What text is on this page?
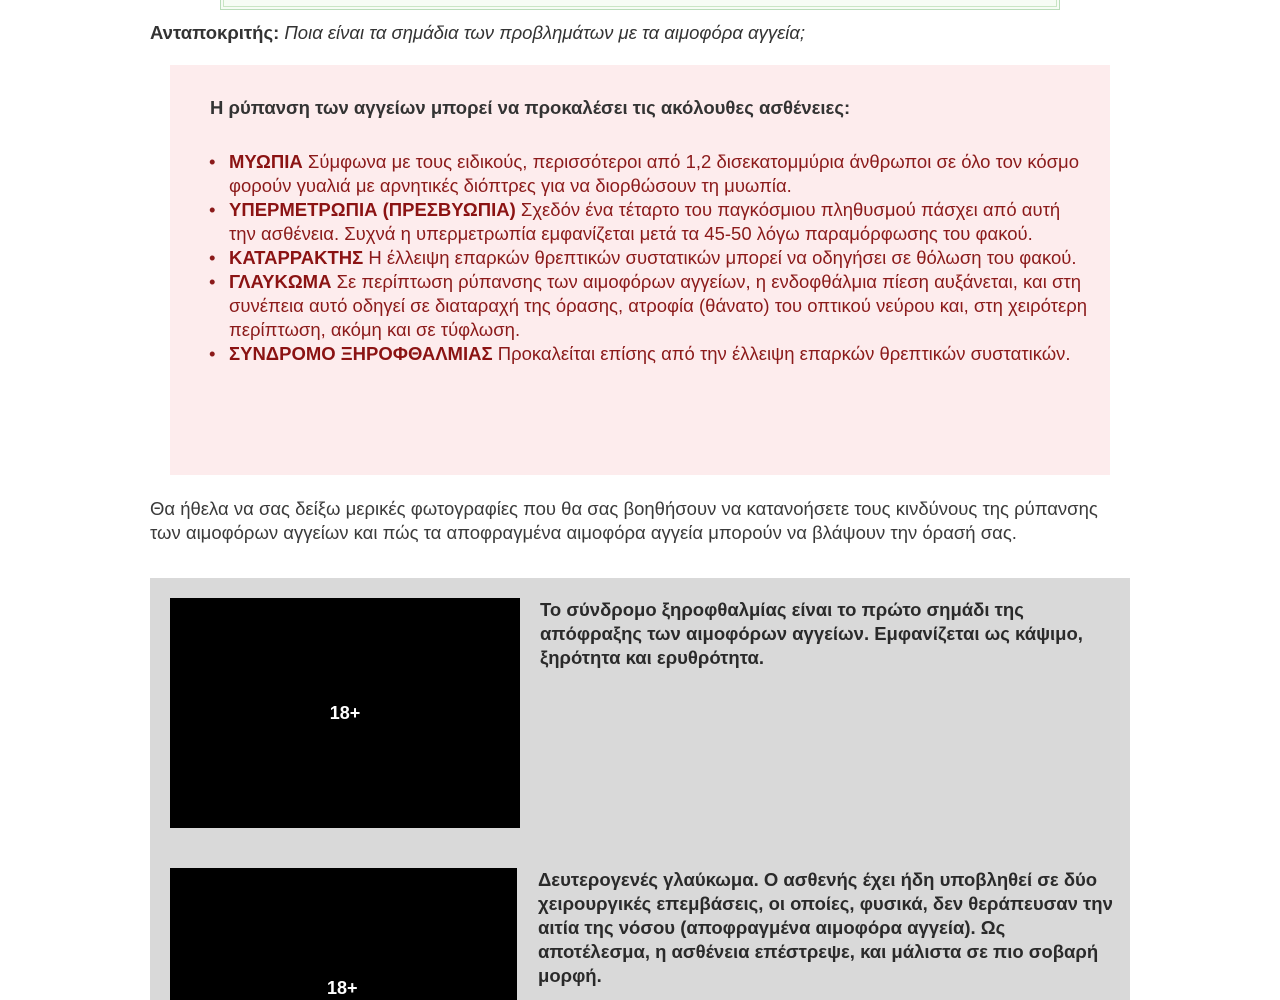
Ανταποκριτής: Ποια είναι τα σημάδια των προβλημάτων με τα αιμοφόρα αγγεία;

Η ρύπανση των αγγείων μπορεί να προκαλέσει τις ακόλουθες ασθένειες:
• ΜΥΩΠΙΑ Σύμφωνα με τους ειδικούς, περισσότεροι από 1,2 δισεκατομμύρια άνθρωποι σε όλο τον κόσμο φορούν γυαλιά με αρνητικές διόπτρες για να διορθώσουν τη μυωπία.
• ΥΠΕΡΜΕΤΡΩΠΙΑ (ΠΡΕΣΒΥΩΠΙΑ) Σχεδόν ένα τέταρτο του παγκόσμιου πληθυσμού πάσχει από αυτή την ασθένεια. Συχνά η υπερμετρωπία εμφανίζεται μετά τα 45-50 λόγω παραμόρφωσης του φακού.
• ΚΑΤΑΡΡΑΚΤΗΣ Η έλλειψη επαρκών θρεπτικών συστατικών μπορεί να οδηγήσει σε θόλωση του φακού.
• ΓΛΑΥΚΩΜΑ Σε περίπτωση ρύπανσης των αιμοφόρων αγγείων, η ενδοφθάλμια πίεση αυξάνεται, και στη συνέπεια αυτό οδηγεί σε διαταραχή της όρασης, ατροφία (θάνατο) του οπτικού νεύρου και, στη χειρότερη περίπτωση, ακόμη και σε τύφλωση.
• ΣΥΝΔΡΟΜΟ ΞΗΡΟΦΘΑΛΜΙΑΣ Προκαλείται επίσης από την έλλειψη επαρκών θρεπτικών συστατικών.

Θα ήθελα να σας δείξω μερικές φωτογραφίες που θα σας βοηθήσουν να κατανοήσετε τους κινδύνους της ρύπανσης των αιμοφόρων αγγείων και πώς τα αποφραγμένα αιμοφόρα αγγεία μπορούν να βλάψουν την όρασή σας.

18+

Το σύνδρομο ξηροφθαλμίας είναι το πρώτο σημάδι της απόφραξης των αιμοφόρων αγγείων. Εμφανίζεται ως κάψιμο, ξηρότητα και ερυθρότητα.

18+

Δευτερογενές γλαύκωμα. Ο ασθενής έχει ήδη υποβληθεί σε δύο χειρουργικές επεμβάσεις, οι οποίες, φυσικά, δεν θεράπευσαν την αιτία της νόσου (αποφραγμένα αιμοφόρα αγγεία). Ως αποτέλεσμα, η ασθένεια επέστρεψε, και μάλιστα σε πιο σοβαρή μορφή.
